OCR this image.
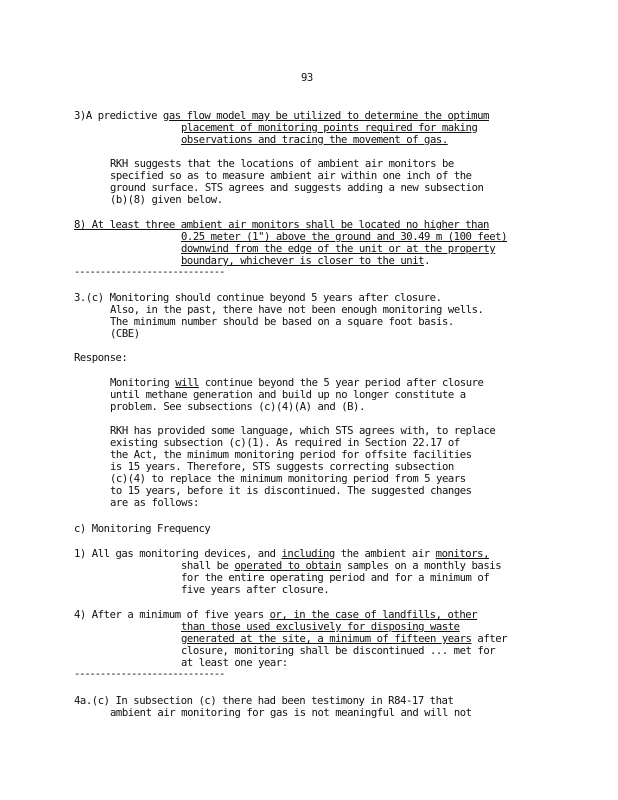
93
3)A predictive gas flow model may be utilized to determine the optimum
placement of monitoring points required for making
observations and tracing the movement of gas.
RKH suggests that the locations of ambient air monitors be
specified so as to measure ambient air within one inch of the
ground surface. STS agrees and suggests adding a new subsection
(b)(8) given below.
8) At least three ambient air monitors shall be located no higher than
0.25 meter (1") above the ground and 30.49 m (100 feet)
downwind from the edge of the unit or at the property
boundary, whichever is closer to the unit.
-----------------------------
3.(c) Monitoring should continue beyond 5 years after closure.
Also, in the past, there have not been enough monitoring wells.
The minimum number should be based on a square foot basis.
(CBE)
Response:
Monitoring will continue beyond the 5 year period after closure
until methane generation and build up no longer constitute a
problem. See subsections (c)(4)(A) and (B).
RKH has provided some language, which STS agrees with, to replace
existing subsection (c)(1). As required in Section 22.17 of
the Act, the minimum monitoring period for offsite facilities
is 15 years. Therefore, STS suggests correcting subsection
(c)(4) to replace the minimum monitoring period from 5 years
to 15 years, before it is discontinued. The suggested changes
are as follows:
c) Monitoring Frequency
1) All gas monitoring devices, and including the ambient air monitors,
shall be operated to obtain samples on a monthly basis
for the entire operating period and for a minimum of
five years after closure.
4) After a minimum of five years or, in the case of landfills, other
than those used exclusively for disposing waste
generated at the site, a minimum of fifteen years after
closure, monitoring shall be discontinued ... met for
at least one year:
-----------------------------
4a.(c) In subsection (c) there had been testimony in R84-17 that
ambient air monitoring for gas is not meaningful and will not
